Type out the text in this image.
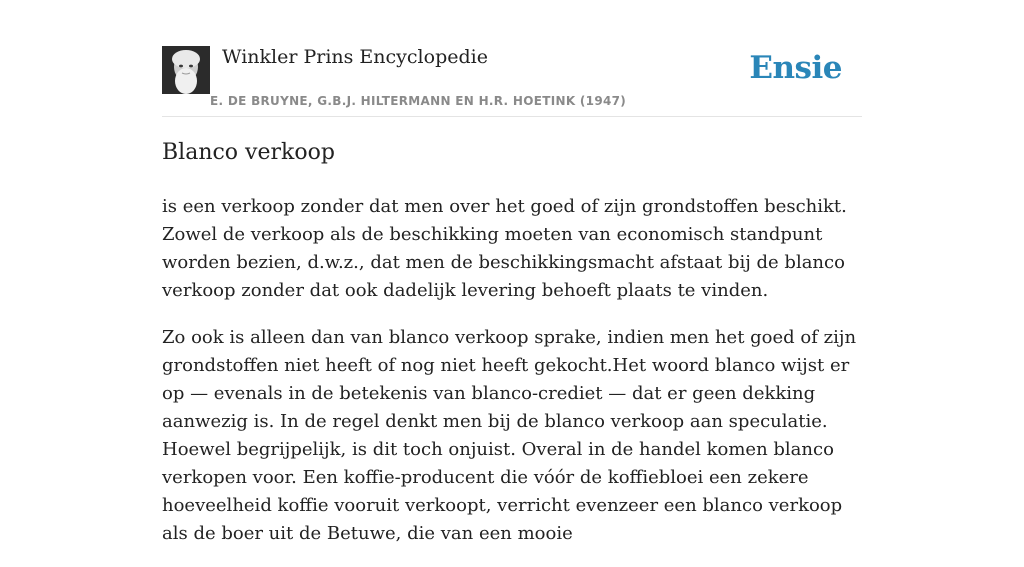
Winkler Prins Encyclopedie
E. DE BRUYNE, G.B.J. HILTERMANN EN H.R. HOETINK (1947)
Ensie
Blanco verkoop

is een verkoop zonder dat men over het goed of zijn grondstoffen beschikt. Zowel de verkoop als de beschikking moeten van economisch standpunt worden bezien, d.w.z., dat men de beschikkingsmacht afstaat bij de blanco verkoop zonder dat ook dadelijk levering behoeft plaats te vinden.

Zo ook is alleen dan van blanco verkoop sprake, indien men het goed of zijn grondstoffen niet heeft of nog niet heeft gekocht.Het woord blanco wijst er op — evenals in de betekenis van blanco-crediet — dat er geen dekking aanwezig is. In de regel denkt men bij de blanco verkoop aan speculatie. Hoewel begrijpelijk, is dit toch onjuist. Overal in de handel komen blanco verkopen voor. Een koffie-producent die vóór de koffiebloei een zekere hoeveelheid koffie vooruit verkoopt, verricht evenzeer een blanco verkoop als de boer uit de Betuwe, die van een mooie
